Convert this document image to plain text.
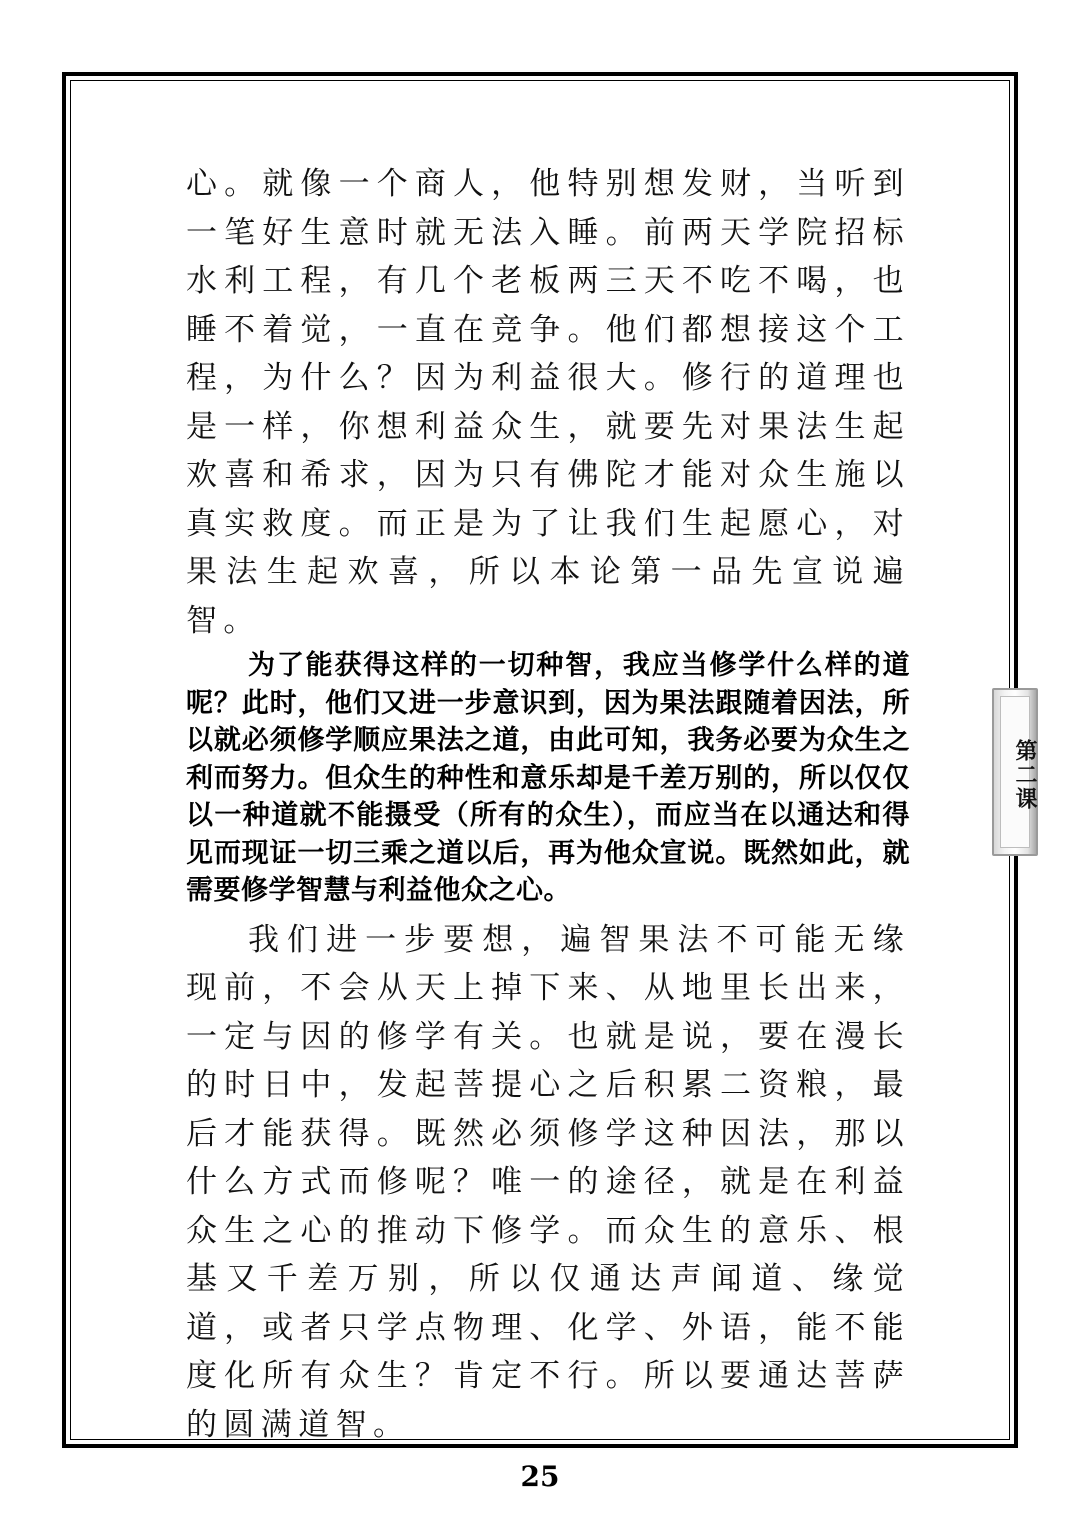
心。就像一个商人，他特别想发财，当听到一笔好生意时就无法入睡。前两天学院招标水利工程，有几个老板两三天不吃不喝，也睡不着觉，一直在竞争。他们都想接这个工程，为什么？因为利益很大。修行的道理也是一样，你想利益众生，就要先对果法生起欢喜和希求，因为只有佛陀才能对众生施以真实救度。而正是为了让我们生起愿心，对果法生起欢喜，所以本论第一品先宣说遍智。

为了能获得这样的一切种智，我应当修学什么样的道呢？此时，他们又进一步意识到，因为果法跟随着因法，所以就必须修学顺应果法之道，由此可知，我务必要为众生之利而努力。但众生的种性和意乐却是千差万别的，所以仅仅以一种道就不能摄受（所有的众生），而应当在以通达和得见而现证一切三乘之道以后，再为他众宣说。既然如此，就需要修学智慧与利益他众之心。

我们进一步要想，遍智果法不可能无缘现前，不会从天上掉下来、从地里长出来，一定与因的修学有关。也就是说，要在漫长的时日中，发起菩提心之后积累二资粮，最后才能获得。既然必须修学这种因法，那以什么方式而修呢？唯一的途径，就是在利益众生之心的推动下修学。而众生的意乐、根基又千差万别，所以仅通达声闻道、缘觉道，或者只学点物理、化学、外语，能不能度化所有众生？肯定不行。所以要通达菩萨的圆满道智。

第二课
25
